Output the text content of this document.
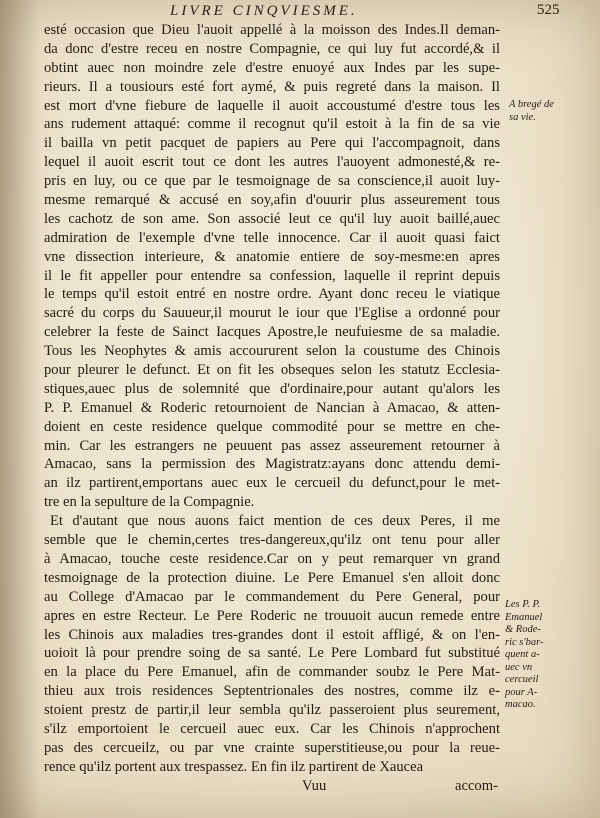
LIVRE CINQVIESME.	525
esté occasion que Dieu l'auoit appellé à la moisson des Indes.Il deman-
da donc d'estre receu en nostre Compagnie, ce qui luy fut accordé,& il
obtint auec non moindre zele d'estre enuoyé aux Indes par les supe-
rieurs. Il a tousiours esté fort aymé, & puis regreté dans la maison. Il
est mort d'vne fiebure de laquelle il auoit accoustumé d'estre tous les
ans rudement attaqué: comme il recognut qu'il estoit à la fin de sa vie
il bailla vn petit pacquet de papiers au Pere qui l'accompagnoit, dans
lequel il auoit escrit tout ce dont les autres l'auoyent admonesté,& re-
pris en luy, ou ce que par le tesmoignage de sa conscience,il auoit luy-
mesme remarqué & accusé en soy,afin d'ouurir plus asseurement tous
les cachotz de son ame. Son associé leut ce qu'il luy auoit baillé,auec
admiration de l'exemple d'vne telle innocence. Car il auoit quasi faict
vne dissection interieure, & anatomie entiere de soy-mesme:en apres
il le fit appeller pour entendre sa confession, laquelle il reprint depuis
le temps qu'il estoit entré en nostre ordre. Ayant donc receu le viatique
sacré du corps du Sauueur,il mourut le iour que l'Eglise a ordonné pour
celebrer la feste de Sainct Iacques Apostre,le neufuiesme de sa maladie.
Tous les Neophytes & amis accoururent selon la coustume des Chinois
pour pleurer le defunct. Et on fit les obseques selon les statutz Ecclesia-
stiques,auec plus de solemnité que d'ordinaire,pour autant qu'alors les
P. P. Emanuel & Roderic retournoient de Nancian à Amacao, & atten-
doient en ceste residence quelque commodité pour se mettre en che-
min. Car les estrangers ne peuuent pas assez asseurement retourner à
Amacao, sans la permission des Magistratz:ayans donc attendu demi-
an ilz partirent,emportans auec eux le cercueil du defunct,pour le met-
tre en la sepulture de la Compagnie.
Et d'autant que nous auons faict mention de ces deux Peres, il me
semble que le chemin,certes tres-dangereux,qu'ilz ont tenu pour aller
à Amacao, touche ceste residence.Car on y peut remarquer vn grand
tesmoignage de la protection diuine. Le Pere Emanuel s'en alloit donc
au College d'Amacao par le commandement du Pere General, pour
apres en estre Recteur. Le Pere Roderic ne trouuoit aucun remede entre
les Chinois aux maladies tres-grandes dont il estoit affligé, & on l'en-
uoioit là pour prendre soing de sa santé. Le Pere Lombard fut substitué
en la place du Pere Emanuel, afin de commander soubz le Pere Mat-
thieu aux trois residences Septentrionales des nostres, comme ilz e-
stoient prestz de partir,il leur sembla qu'ilz passeroient plus seurement,
s'ilz emportoient le cercueil auec eux. Car les Chinois n'approchent
pas des cercueilz, ou par vne crainte superstitieuse,ou pour la reue-
rence qu'ilz portent aux trespassez. En fin ilz partirent de Xaucea
A bregé de
sa vie.
Les P. P.
Emanuel
& Rode-
ric s'bar-
quent a-
uec vn
cercueil
pour A-
macao.
Vuu	accom-
